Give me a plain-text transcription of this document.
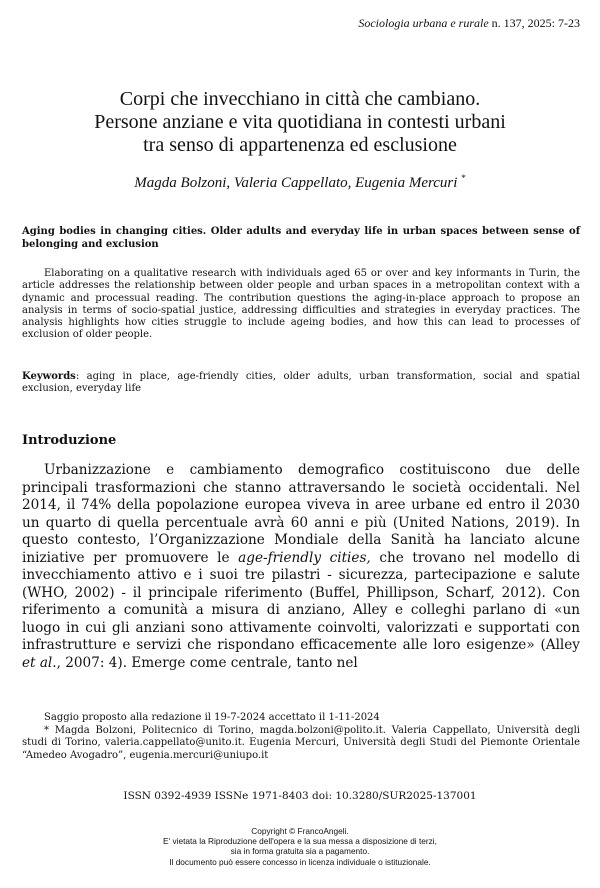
Sociologia urbana e rurale n. 137, 2025: 7-23
Corpi che invecchiano in città che cambiano.
Persone anziane e vita quotidiana in contesti urbani
tra senso di appartenenza ed esclusione
Magda Bolzoni, Valeria Cappellato, Eugenia Mercuri *
Aging bodies in changing cities. Older adults and everyday life in urban spaces between sense of belonging and exclusion
Elaborating on a qualitative research with individuals aged 65 or over and key informants in Turin, the article addresses the relationship between older people and urban spaces in a metropolitan context with a dynamic and processual reading. The contribution questions the aging-in-place approach to propose an analysis in terms of socio-spatial justice, addressing difficulties and strategies in everyday practices. The analysis highlights how cities struggle to include ageing bodies, and how this can lead to processes of exclusion of older people.
Keywords: aging in place, age-friendly cities, older adults, urban transformation, social and spatial exclusion, everyday life
Introduzione
Urbanizzazione e cambiamento demografico costituiscono due delle principali trasformazioni che stanno attraversando le società occidentali. Nel 2014, il 74% della popolazione europea viveva in aree urbane ed entro il 2030 un quarto di quella percentuale avrà 60 anni e più (United Nations, 2019). In questo contesto, l’Organizzazione Mondiale della Sanità ha lanciato alcune iniziative per promuovere le age-friendly cities, che trovano nel modello di invecchiamento attivo e i suoi tre pilastri - sicurezza, partecipazione e salute (WHO, 2002) - il principale riferimento (Buffel, Phillipson, Scharf, 2012). Con riferimento a comunità a misura di anziano, Alley e colleghi parlano di «un luogo in cui gli anziani sono attivamente coinvolti, valorizzati e supportati con infrastrutture e servizi che rispondano efficacemente alle loro esigenze» (Alley et al., 2007: 4). Emerge come centrale, tanto nel
Saggio proposto alla redazione il 19-7-2024 accettato il 1-11-2024
* Magda Bolzoni, Politecnico di Torino, magda.bolzoni@polito.it. Valeria Cappellato, Università degli studi di Torino, valeria.cappellato@unito.it. Eugenia Mercuri, Università degli Studi del Piemonte Orientale “Amedeo Avogadro”, eugenia.mercuri@uniupo.it
ISSN 0392-4939 ISSNe 1971-8403 doi: 10.3280/SUR2025-137001
Copyright © FrancoAngeli.
E' vietata la Riproduzione dell'opera e la sua messa a disposizione di terzi,
sia in forma gratuita sia a pagamento.
Il documento può essere concesso in licenza individuale o istituzionale.
